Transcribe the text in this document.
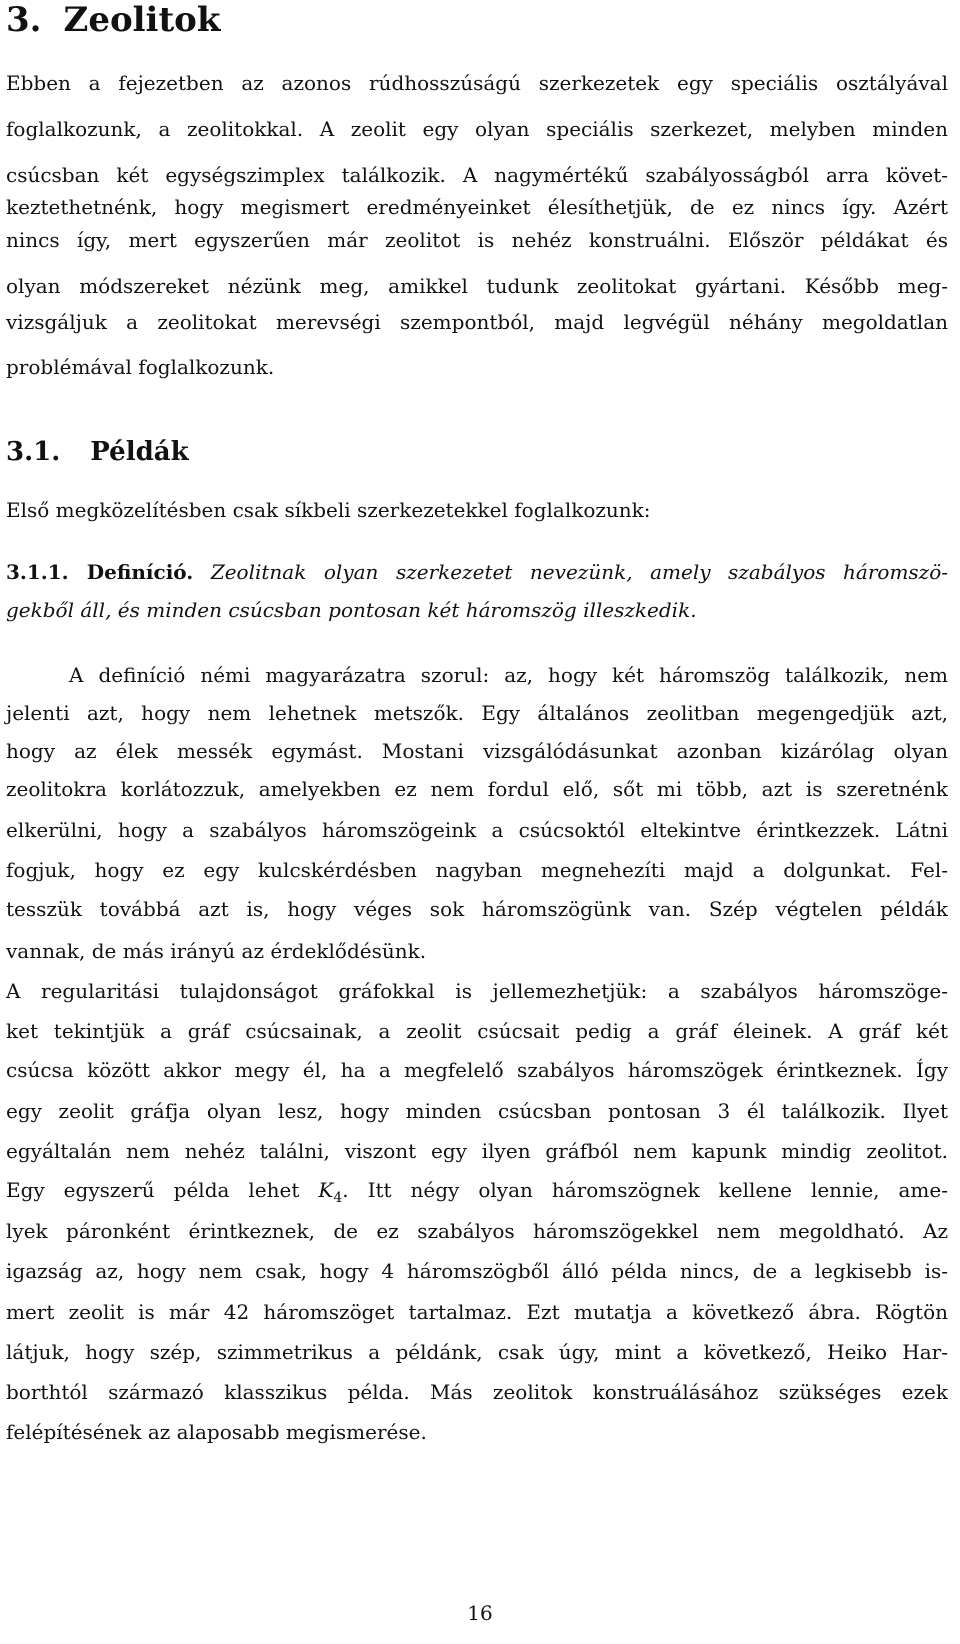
3. Zeolitok
Ebben a fejezetben az azonos rúdhosszúságú szerkezetek egy speciális osztályával
foglalkozunk, a zeolitokkal. A zeolit egy olyan speciális szerkezet, melyben minden
csúcsban két egységszimplex találkozik. A nagymértékű szabályosságból arra követ-
keztethetnénk, hogy megismert eredményeinket élesíthetjük, de ez nincs így. Azért
nincs így, mert egyszerűen már zeolitot is nehéz konstruálni. Először példákat és
olyan módszereket nézünk meg, amikkel tudunk zeolitokat gyártani. Később meg-
vizsgáljuk a zeolitokat merevségi szempontból, majd legvégül néhány megoldatlan
problémával foglalkozunk.
3.1. Példák
Első megközelítésben csak síkbeli szerkezetekkel foglalkozunk:
3.1.1. Definíció. Zeolitnak olyan szerkezetet nevezünk, amely szabályos háromszö-
gekből áll, és minden csúcsban pontosan két háromszög illeszkedik.
A definíció némi magyarázatra szorul: az, hogy két háromszög találkozik, nem
jelenti azt, hogy nem lehetnek metszők. Egy általános zeolitban megengedjük azt,
hogy az élek messék egymást. Mostani vizsgálódásunkat azonban kizárólag olyan
zeolitokra korlátozzuk, amelyekben ez nem fordul elő, sőt mi több, azt is szeretnénk
elkerülni, hogy a szabályos háromszögeink a csúcsoktól eltekintve érintkezzek. Látni
fogjuk, hogy ez egy kulcskérdésben nagyban megnehezíti majd a dolgunkat. Fel-
tesszük továbbá azt is, hogy véges sok háromszögünk van. Szép végtelen példák
vannak, de más irányú az érdeklődésünk.
A regularitási tulajdonságot gráfokkal is jellemezhetjük: a szabályos háromszöge-
ket tekintjük a gráf csúcsainak, a zeolit csúcsait pedig a gráf éleinek. A gráf két
csúcsa között akkor megy él, ha a megfelelő szabályos háromszögek érintkeznek. Így
egy zeolit gráfja olyan lesz, hogy minden csúcsban pontosan 3 él találkozik. Ilyet
egyáltalán nem nehéz találni, viszont egy ilyen gráfból nem kapunk mindig zeolitot.
Egy egyszerű példa lehet $K_4$. Itt négy olyan háromszögnek kellene lennie, ame-
lyek páronként érintkeznek, de ez szabályos háromszögekkel nem megoldható. Az
igazság az, hogy nem csak, hogy 4 háromszögből álló példa nincs, de a legkisebb is-
mert zeolit is már 42 háromszöget tartalmaz. Ezt mutatja a következő ábra. Rögtön
látjuk, hogy szép, szimmetrikus a példánk, csak úgy, mint a következő, Heiko Har-
borthtól származó klasszikus példa. Más zeolitok konstruálásához szükséges ezek
felépítésének az alaposabb megismerése.
16
